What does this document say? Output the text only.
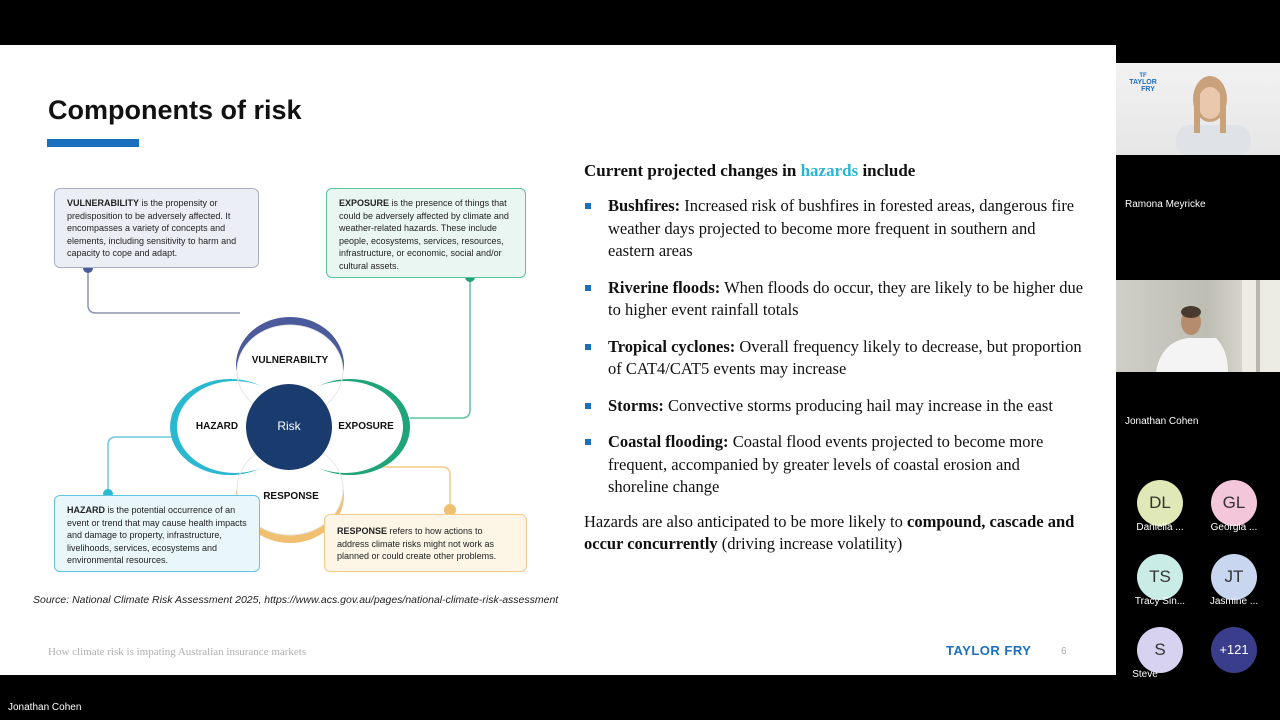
Components of risk
VULNERABILITY is the propensity or predisposition to be adversely affected. It encompasses a variety of concepts and elements, including sensitivity to harm and capacity to cope and adapt.
EXPOSURE is the presence of things that could be adversely affected by climate and weather-related hazards. These include people, ecosystems, services, resources, infrastructure, or economic, social and/or cultural assets.
HAZARD is the potential occurrence of an event or trend that may cause health impacts and damage to property, infrastructure, livelihoods, services, ecosystems and environmental resources.
RESPONSE refers to how actions to address climate risks might not work as planned or could create other problems.
VULNERABILTY
HAZARD	EXPOSURE
RESPONSE
Risk
Source: National Climate Risk Assessment 2025, https://www.acs.gov.au/pages/national-climate-risk-assessment
Current projected changes in hazards include
Bushfires: Increased risk of bushfires in forested areas, dangerous fire weather days projected to become more frequent in southern and eastern areas
Riverine floods: When floods do occur, they are likely to be higher due to higher event rainfall totals
Tropical cyclones: Overall frequency likely to decrease, but proportion of CAT4/CAT5 events may increase
Storms: Convective storms producing hail may increase in the east
Coastal flooding: Coastal flood events projected to become more frequent, accompanied by greater levels of coastal erosion and shoreline change
Hazards are also anticipated to be more likely to compound, cascade and occur concurrently (driving increase volatility)
How climate risk is impating Australian insurance markets	TAYLOR FRY	6
TF
TAYLOR
FRY
Ramona Meyricke
Jonathan Cohen
DL
Daniella ...
GL
Georgia ...
TS
Tracy Sin...
JT
Jasmine ...
S
Steve
+121
Jonathan Cohen
